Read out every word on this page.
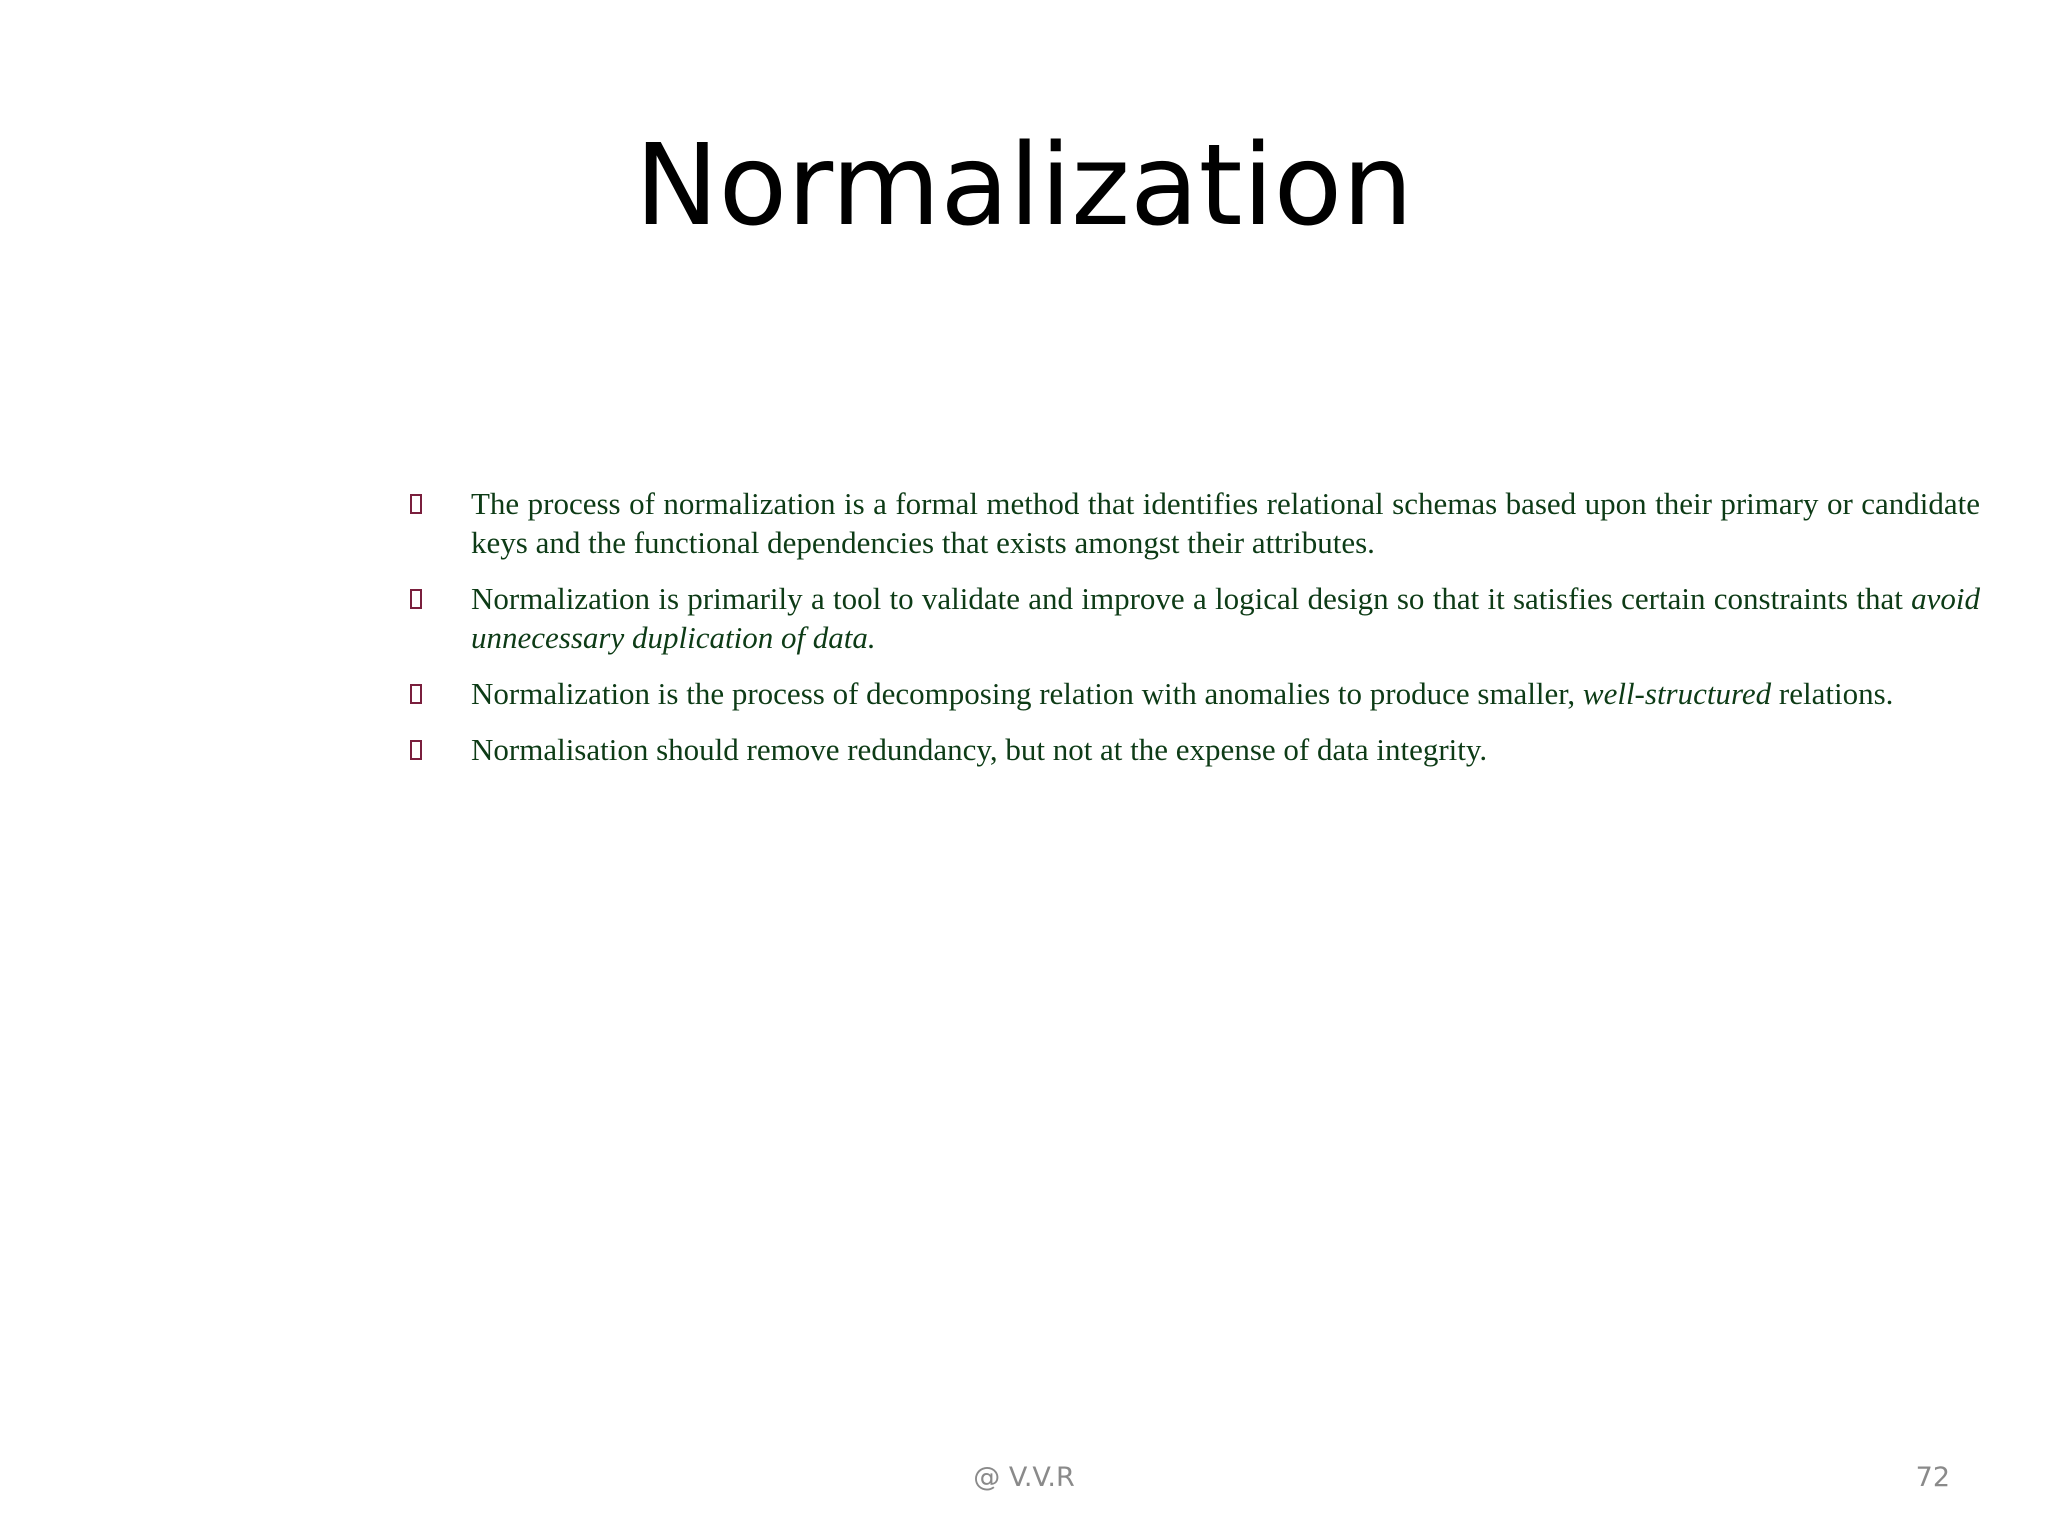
Normalization
The process of normalization is a formal method that identifies relational schemas based upon their primary or candidate keys and the functional dependencies that exists amongst their attributes.
Normalization is primarily a tool to validate and improve a logical design so that it satisfies certain constraints that avoid unnecessary duplication of data.
Normalization is the process of decomposing relation with anomalies to produce smaller, well-structured relations.
Normalisation should remove redundancy, but not at the expense of data integrity.
@ V.V.R	72
